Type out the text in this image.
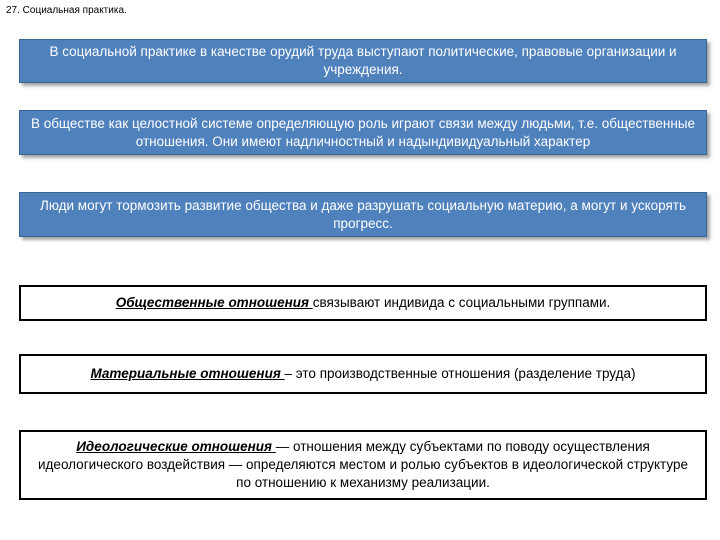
27. Социальная практика.
В социальной практике в качестве орудий труда выступают политические, правовые организации и учреждения.
В обществе как целостной системе определяющую роль играют связи между людьми, т.е. общественные отношения. Они имеют надличностный и надындивидуальный характер
Люди могут тормозить развитие общества и даже разрушать социальную материю, а могут и ускорять прогресс.
Общественные отношения связывают индивида с социальными группами.
Материальные отношения – это производственные отношения (разделение труда)
Идеологические отношения — отношения между субъектами по поводу осуществления идеологического воздействия — определяются местом и ролью субъектов в идеологической структуре по отношению к механизму реализации.
